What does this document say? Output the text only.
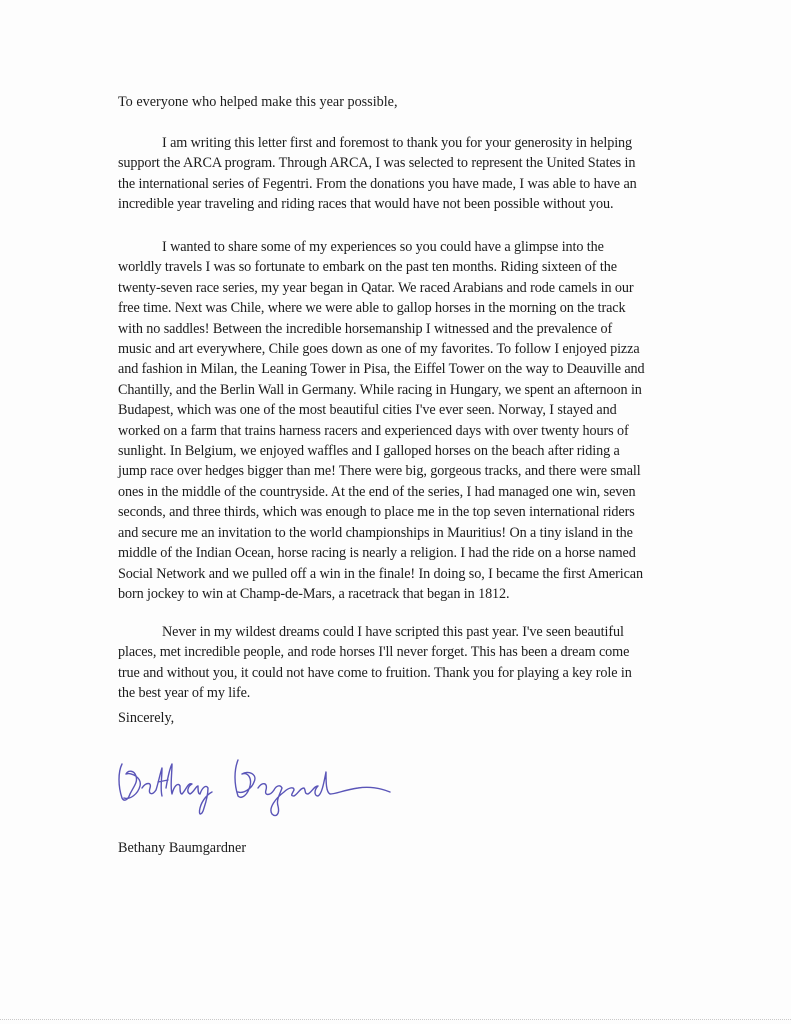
To everyone who helped make this year possible,

I am writing this letter first and foremost to thank you for your generosity in helping support the ARCA program. Through ARCA, I was selected to represent the United States in the international series of Fegentri. From the donations you have made, I was able to have an incredible year traveling and riding races that would have not been possible without you.

I wanted to share some of my experiences so you could have a glimpse into the worldly travels I was so fortunate to embark on the past ten months. Riding sixteen of the twenty-seven race series, my year began in Qatar. We raced Arabians and rode camels in our free time. Next was Chile, where we were able to gallop horses in the morning on the track with no saddles! Between the incredible horsemanship I witnessed and the prevalence of music and art everywhere, Chile goes down as one of my favorites. To follow I enjoyed pizza and fashion in Milan, the Leaning Tower in Pisa, the Eiffel Tower on the way to Deauville and Chantilly, and the Berlin Wall in Germany. While racing in Hungary, we spent an afternoon in Budapest, which was one of the most beautiful cities I've ever seen. Norway, I stayed and worked on a farm that trains harness racers and experienced days with over twenty hours of sunlight. In Belgium, we enjoyed waffles and I galloped horses on the beach after riding a jump race over hedges bigger than me! There were big, gorgeous tracks, and there were small ones in the middle of the countryside. At the end of the series, I had managed one win, seven seconds, and three thirds, which was enough to place me in the top seven international riders and secure me an invitation to the world championships in Mauritius! On a tiny island in the middle of the Indian Ocean, horse racing is nearly a religion. I had the ride on a horse named Social Network and we pulled off a win in the finale! In doing so, I became the first American born jockey to win at Champ-de-Mars, a racetrack that began in 1812.

Never in my wildest dreams could I have scripted this past year. I've seen beautiful places, met incredible people, and rode horses I'll never forget. This has been a dream come true and without you, it could not have come to fruition. Thank you for playing a key role in the best year of my life.

Sincerely,

Bethany Baumgardner
